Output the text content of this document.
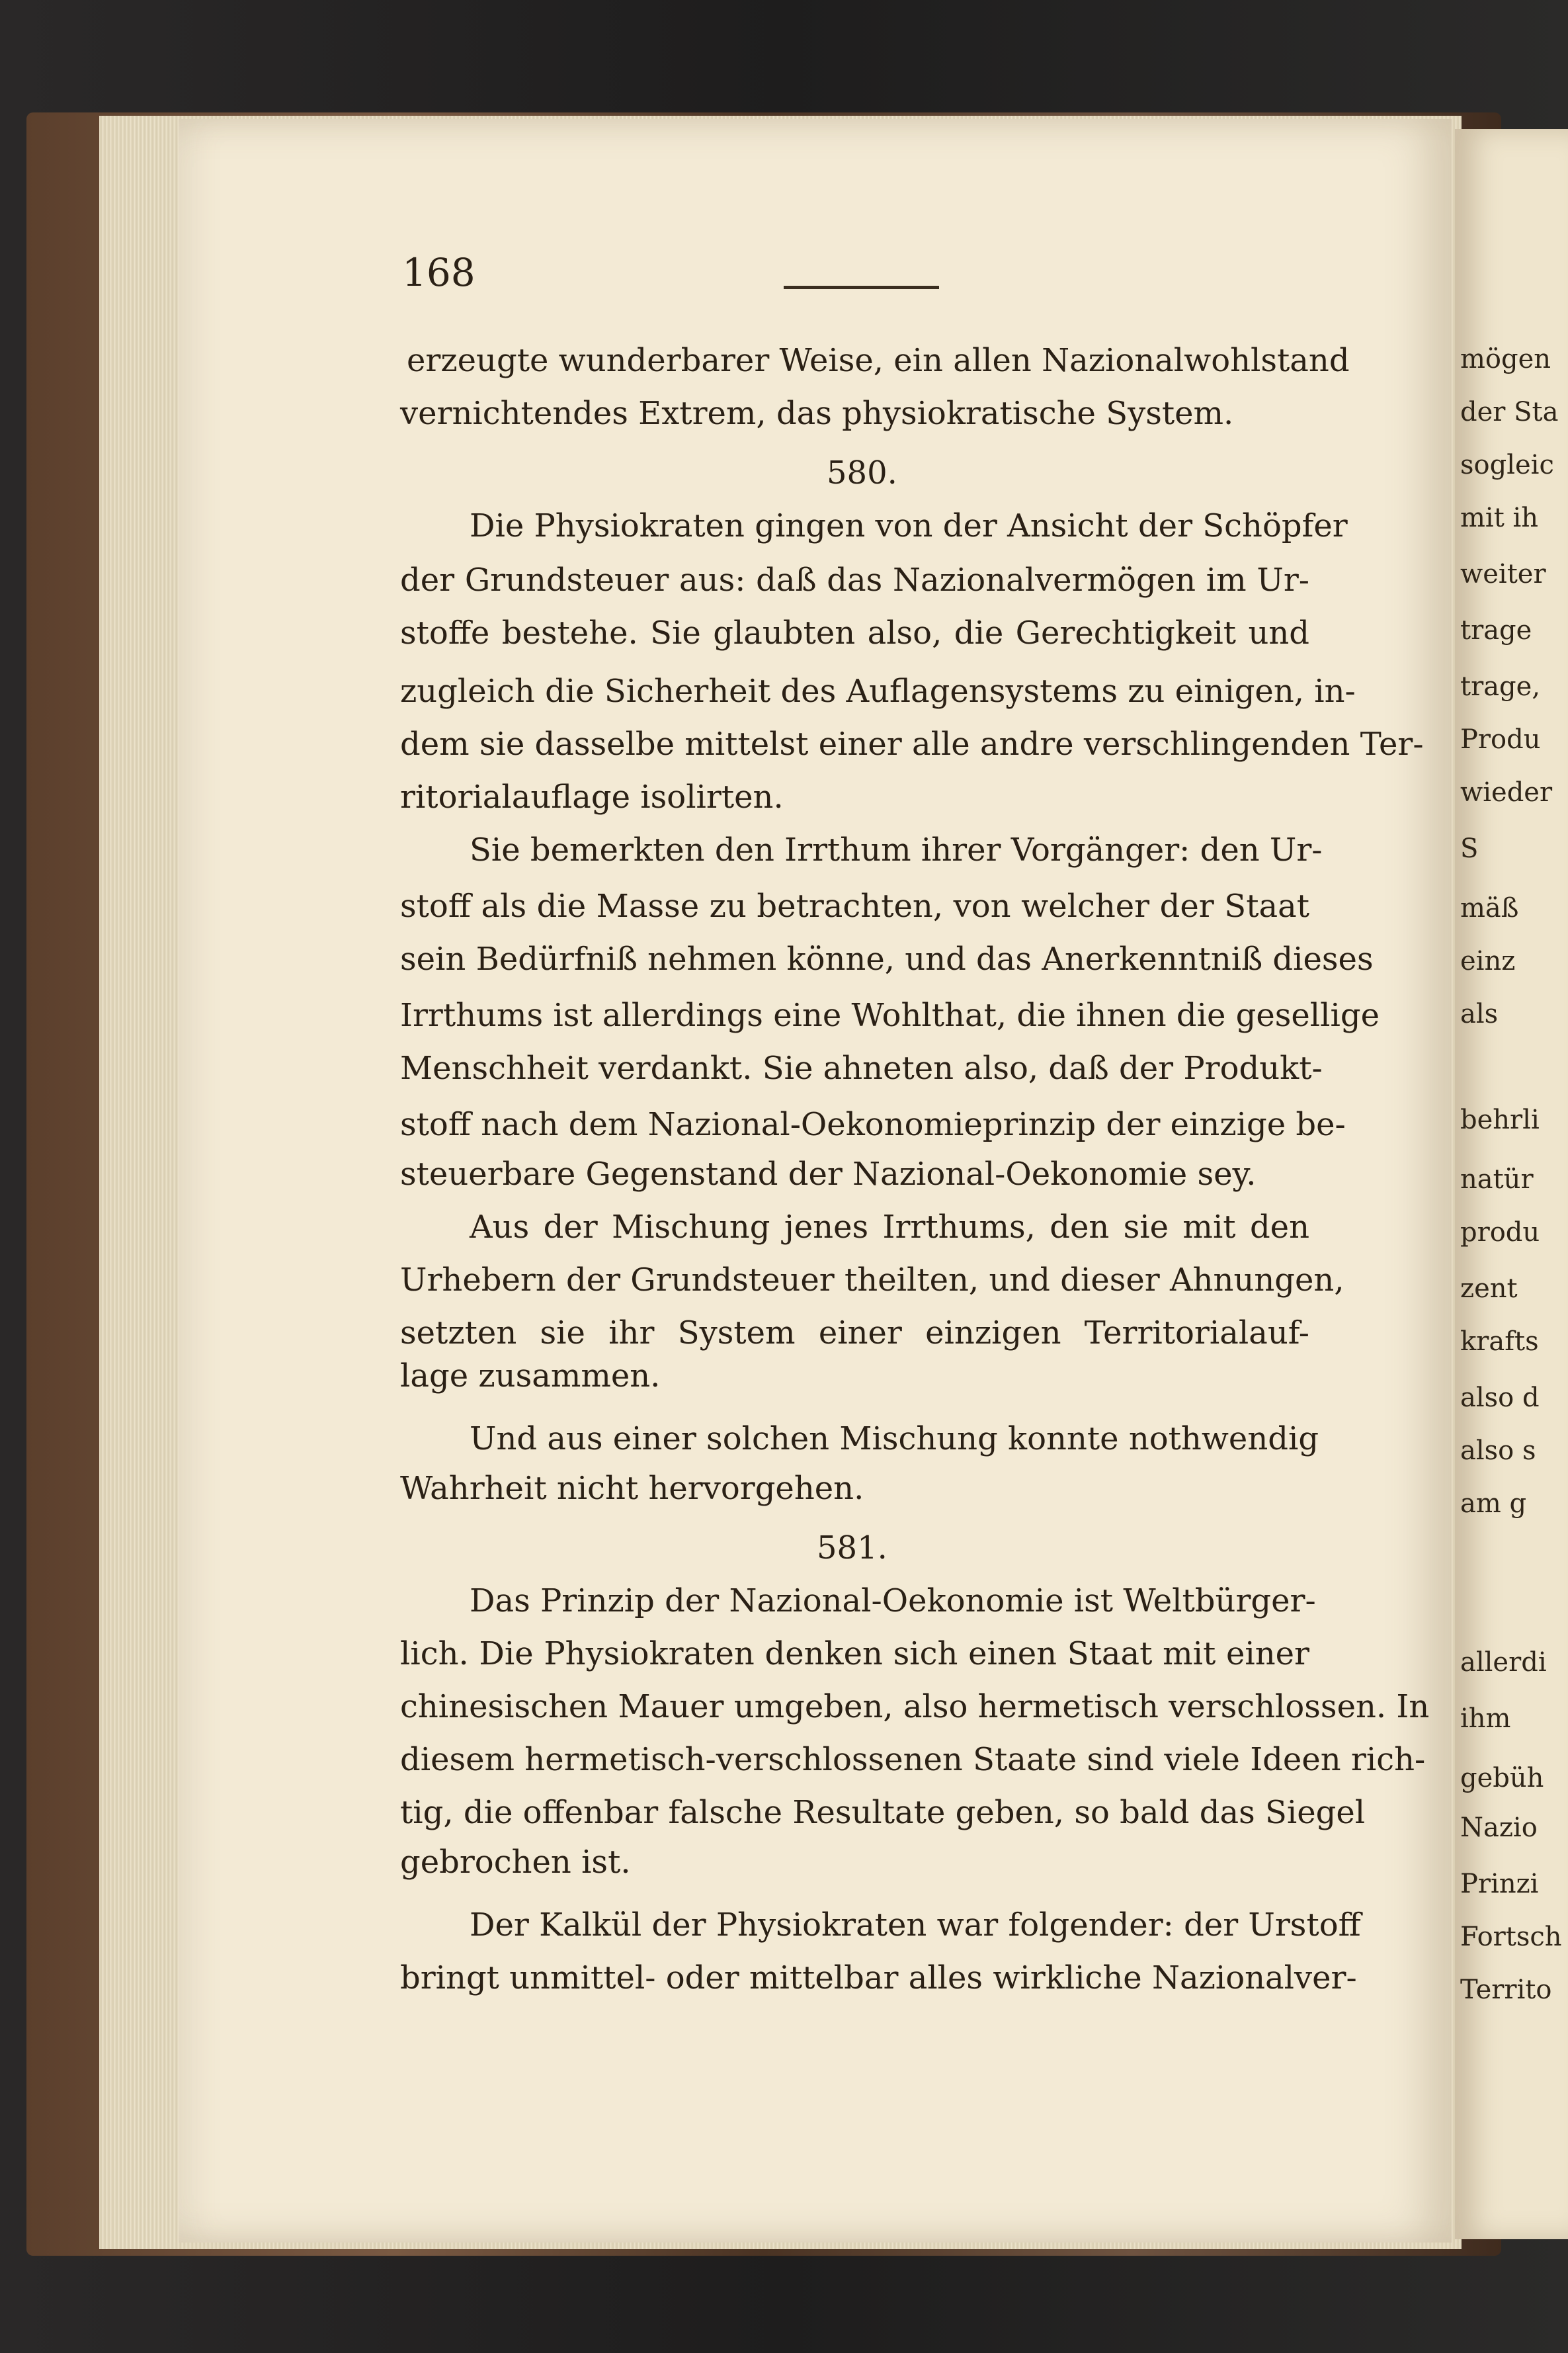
168
erzeugte wunderbarer Weise, ein allen Nazionalwohlstand
vernichtendes Extrem, das physiokratische System.
Die Physiokraten gingen von der Ansicht der Schöpfer
der Grundsteuer aus: daß das Nazionalvermögen im Ur-
stoffe bestehe. Sie glaubten also, die Gerechtigkeit und
zugleich die Sicherheit des Auflagensystems zu einigen, in-
dem sie dasselbe mittelst einer alle andre verschlingenden Ter-
ritorialauflage isolirten.
Sie bemerkten den Irrthum ihrer Vorgänger: den Ur-
stoff als die Masse zu betrachten, von welcher der Staat
sein Bedürfniß nehmen könne, und das Anerkenntniß dieses
Irrthums ist allerdings eine Wohlthat, die ihnen die gesellige
Menschheit verdankt. Sie ahneten also, daß der Produkt-
stoff nach dem Nazional-Oekonomieprinzip der einzige be-
steuerbare Gegenstand der Nazional-Oekonomie sey.
Aus der Mischung jenes Irrthums, den sie mit den
Urhebern der Grundsteuer theilten, und dieser Ahnungen,
setzten sie ihr System einer einzigen Territorialauf-
lage zusammen.
Und aus einer solchen Mischung konnte nothwendig
Wahrheit nicht hervorgehen.
Das Prinzip der Nazional-Oekonomie ist Weltbürger-
lich. Die Physiokraten denken sich einen Staat mit einer
chinesischen Mauer umgeben, also hermetisch verschlossen. In
diesem hermetisch-verschlossenen Staate sind viele Ideen rich-
tig, die offenbar falsche Resultate geben, so bald das Siegel
gebrochen ist.
Der Kalkül der Physiokraten war folgender: der Urstoff
bringt unmittel- oder mittelbar alles wirkliche Nazionalver-
580.
581.
mögen
der Sta
sogleic
mit ih
weiter
trage
trage,
Produ
wieder
S
mäß
einz
als
behrli
natür
produ
zent
krafts
also d
also s
am g
allerdi
ihm
gebüh
Nazio
Prinzi
Fortsch
Territo
